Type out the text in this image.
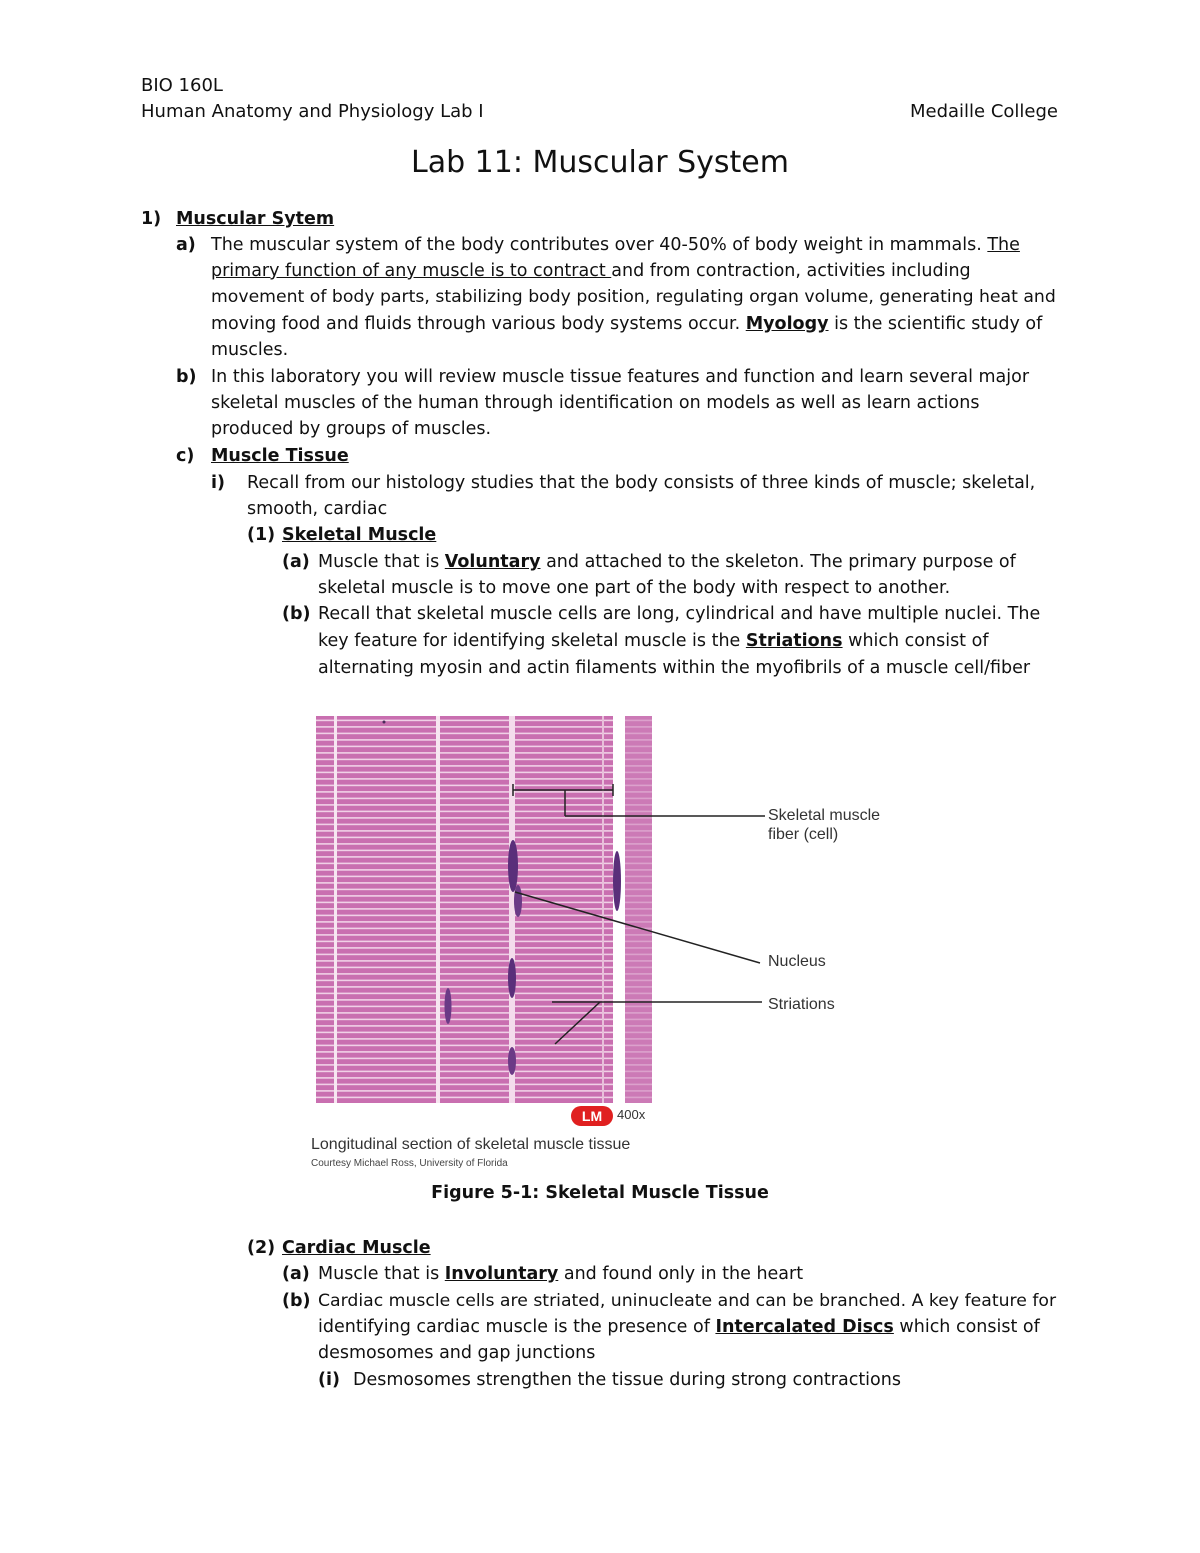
BIO 160L
Human Anatomy and Physiology Lab I	Medaille College
Lab 11: Muscular System
1) Muscular Sytem
a) The muscular system of the body contributes over 40-50% of body weight in mammals. The
primary function of any muscle is to contract and from contraction, activities including
movement of body parts, stabilizing body position, regulating organ volume, generating heat and
moving food and fluids through various body systems occur. Myology is the scientific study of
muscles.
b) In this laboratory you will review muscle tissue features and function and learn several major
skeletal muscles of the human through identification on models as well as learn actions
produced by groups of muscles.
c) Muscle Tissue
i) Recall from our histology studies that the body consists of three kinds of muscle; skeletal,
smooth, cardiac
(1) Skeletal Muscle
(a) Muscle that is Voluntary and attached to the skeleton. The primary purpose of
skeletal muscle is to move one part of the body with respect to another.
(b) Recall that skeletal muscle cells are long, cylindrical and have multiple nuclei. The
key feature for identifying skeletal muscle is the Striations which consist of
alternating myosin and actin filaments within the myofibrils of a muscle cell/fiber
Skeletal muscle
fiber (cell)
Nucleus
Striations
LM	400x
Longitudinal section of skeletal muscle tissue
Courtesy Michael Ross, University of Florida
Figure 5-1: Skeletal Muscle Tissue
(2) Cardiac Muscle
(a) Muscle that is Involuntary and found only in the heart
(b) Cardiac muscle cells are striated, uninucleate and can be branched. A key feature for
identifying cardiac muscle is the presence of Intercalated Discs which consist of
desmosomes and gap junctions
(i) Desmosomes strengthen the tissue during strong contractions
